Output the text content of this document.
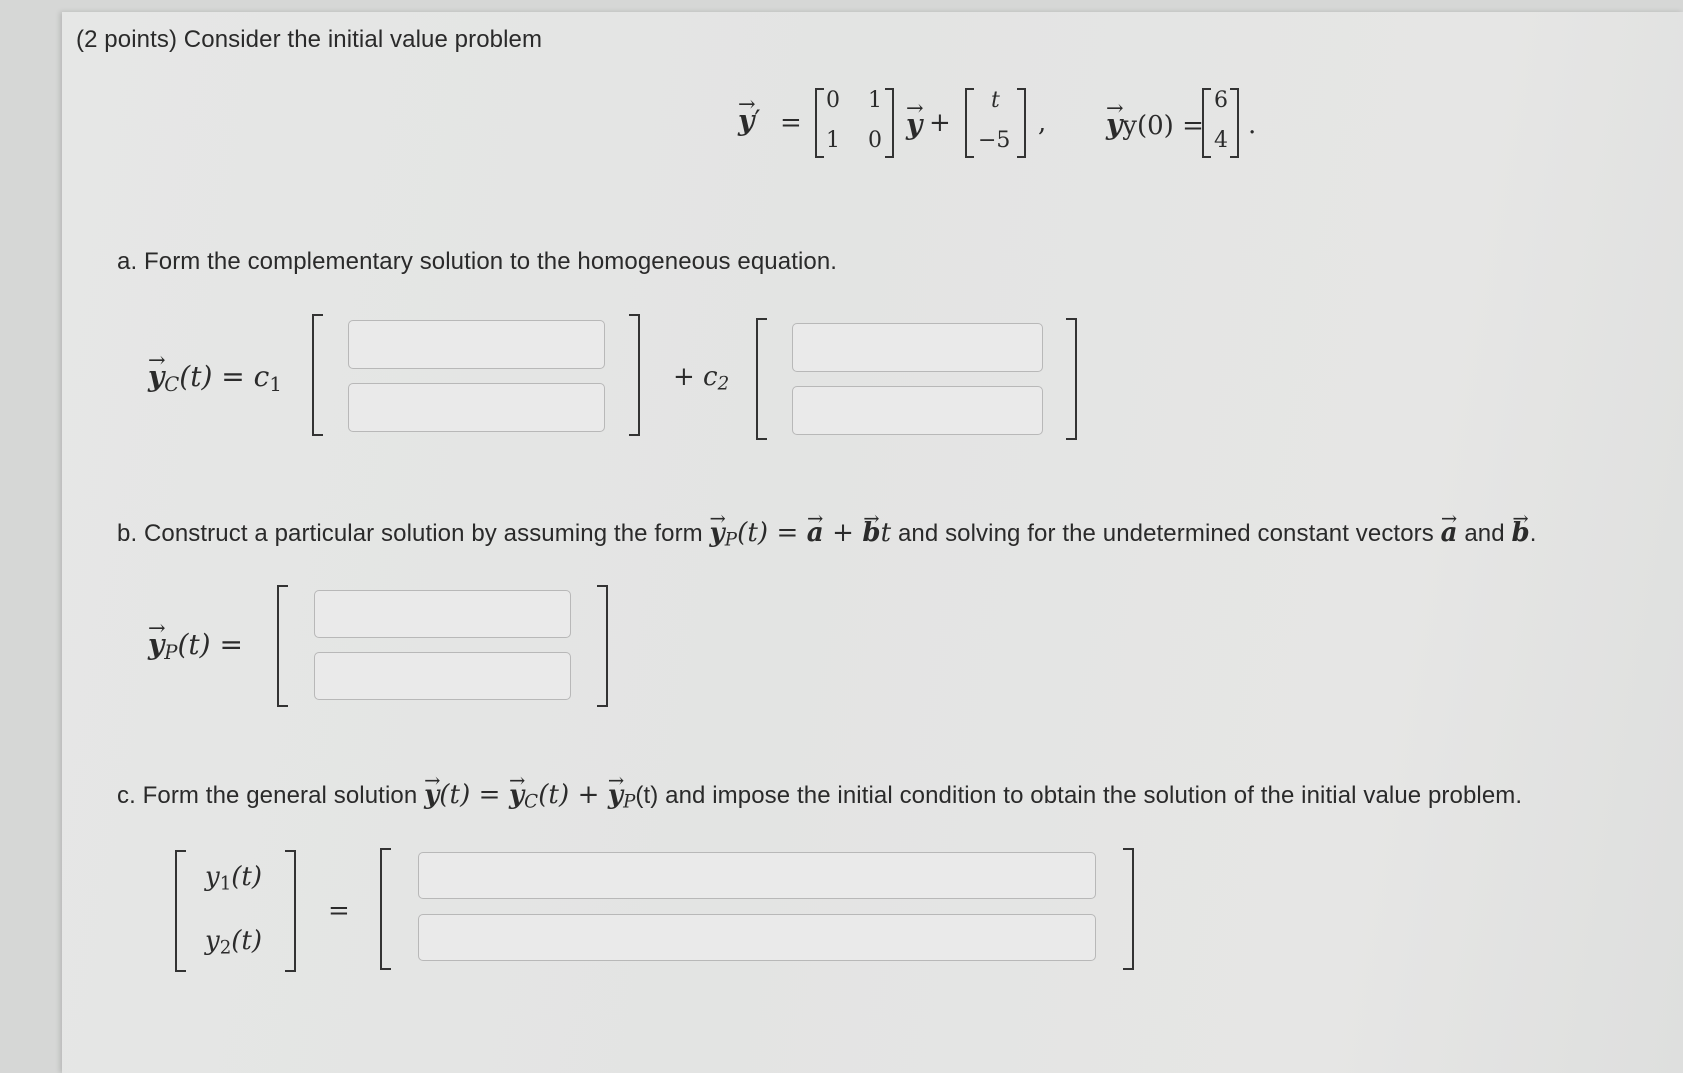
(2 points) Consider the initial value problem
→ y′ =
0 1
1 0 → y +
t
−5
, → yy(0) =
6
4
.
a. Form the complementary solution to the homogeneous equation.
→ $y_C(t) = c_1$	+ $c_2$
b. Construct a particular solution by assuming the form → $y_P(t)$ = → a + → bt and solving for the undetermined constant vectors → a and → b.
→ $y_P(t)$ =
c. Form the general solution → y(t) = → $y_C(t)$ + → $y_P(t)$ and impose the initial condition to obtain the solution of the initial value problem.
$y_1(t)$
$y_2(t)$
=
